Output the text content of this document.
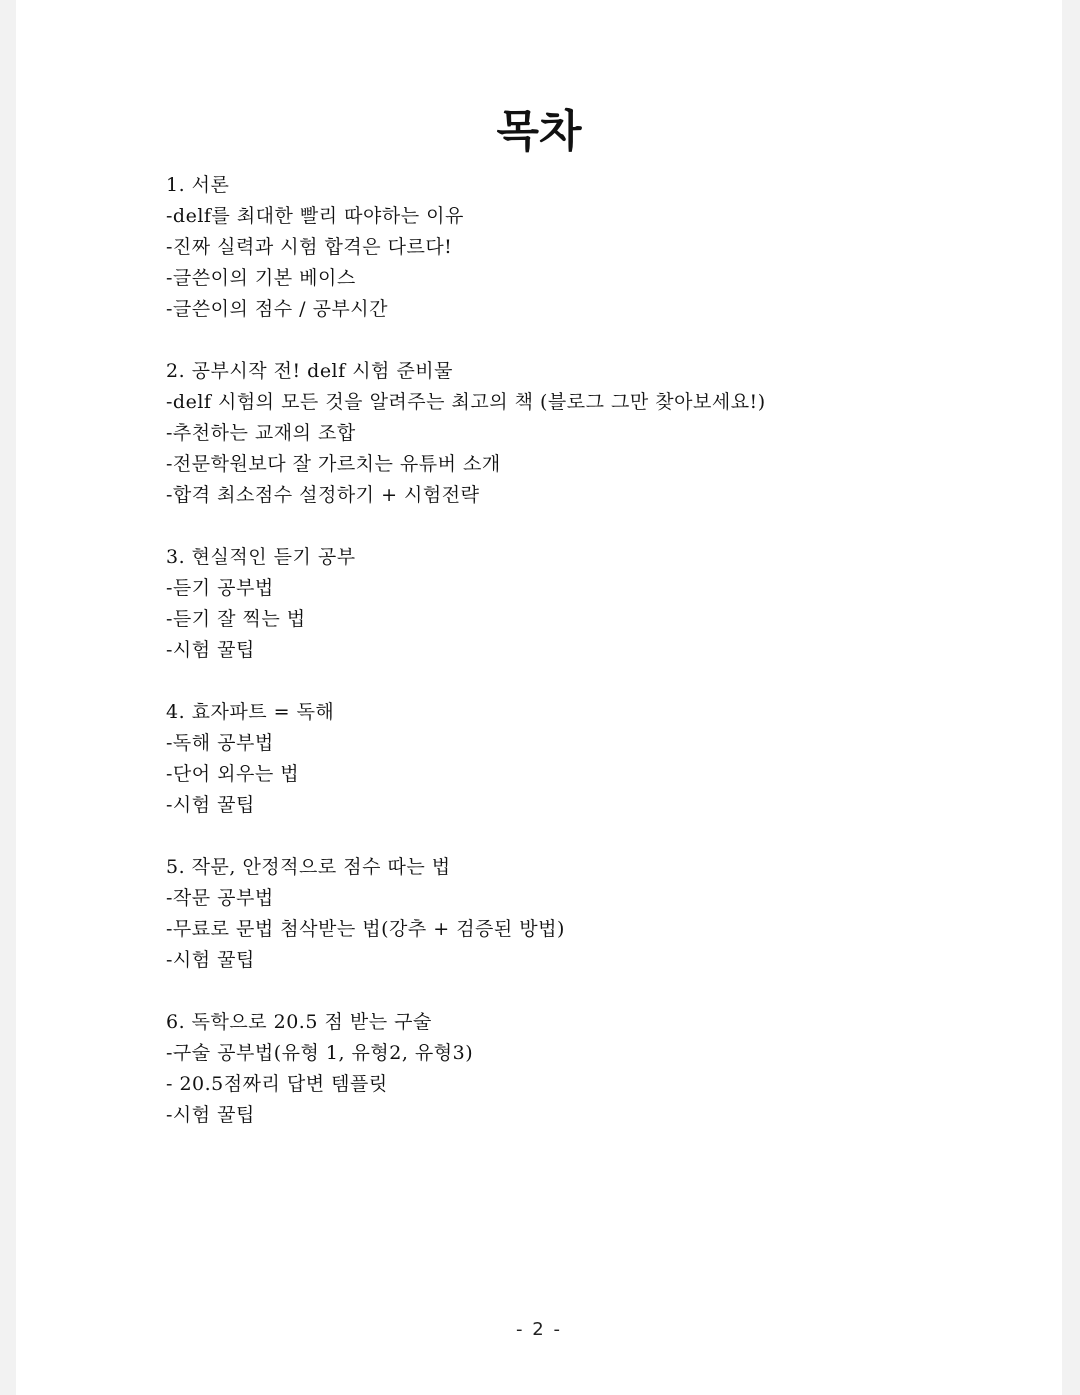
목차
1. 서론
-delf를 최대한 빨리 따야하는 이유
-진짜 실력과 시험 합격은 다르다!
-글쓴이의 기본 베이스
-글쓴이의 점수 / 공부시간
2. 공부시작 전! delf 시험 준비물
-delf 시험의 모든 것을 알려주는 최고의 책 (블로그 그만 찾아보세요!)
-추천하는 교재의 조합
-전문학원보다 잘 가르치는 유튜버 소개
-합격 최소점수 설정하기 + 시험전략
3. 현실적인 듣기 공부
-듣기 공부법
-듣기 잘 찍는 법
-시험 꿀팁
4. 효자파트 = 독해
-독해 공부법
-단어 외우는 법
-시험 꿀팁
5. 작문, 안정적으로 점수 따는 법
-작문 공부법
-무료로 문법 첨삭받는 법(강추 + 검증된 방법)
-시험 꿀팁
6. 독학으로 20.5 점 받는 구술
-구술 공부법(유형 1, 유형2, 유형3)
- 20.5점짜리 답변 템플릿
-시험 꿀팁
- 2 -
